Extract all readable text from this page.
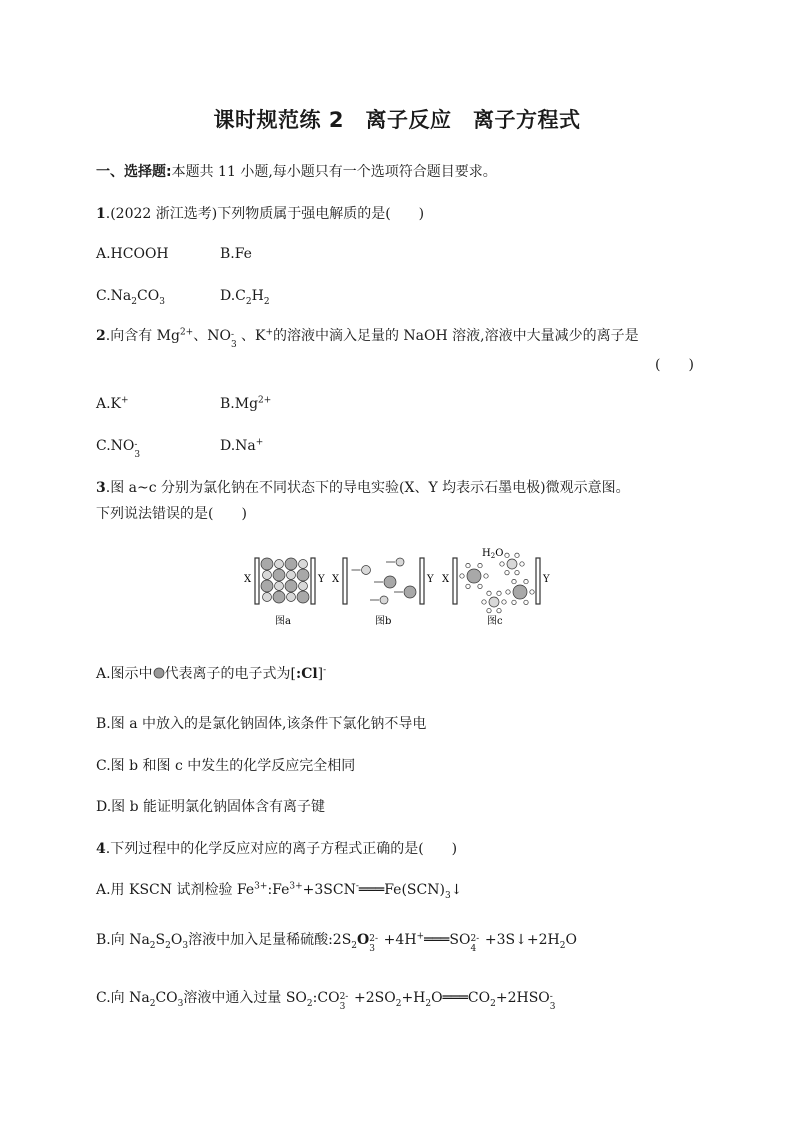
课时规范练 2　离子反应　离子方程式
一、选择题:本题共 11 小题,每小题只有一个选项符合题目要求。
1.(2022 浙江选考)下列物质属于强电解质的是(　　)
A.HCOOH	B.Fe
$C.Na_2CO_3$	$D.C_2H_2$
2.向含有 $Mg^{2+}$、NO -
3
、K+的溶液中滴入足量的 NaOH 溶液,溶液中大量减少的离子是
(　　)
A.K+	$B.Mg^{2+}$
C.NO -
3
D.Na+
3.图 a~c 分别为氯化钠在不同状态下的导电实验(X、Y 均表示石墨电极)微观示意图。
下列说法错误的是(　　)
X	Y
图a
X	Y
图b
X	Y
$H_2O$
图c
A.图示中 代表离子的电子式为[:Cl]-
B.图 a 中放入的是氯化钠固体,该条件下氯化钠不导电
C.图 b 和图 c 中发生的化学反应完全相同
D.图 b 能证明氯化钠固体含有离子键
4.下列过程中的化学反应对应的离子方程式正确的是(　　)
A.用 KSCN 试剂检验 $Fe^{3+}:Fe^{3+}+3SCN^-═══Fe(SCN)_3↓$
B.向 $Na_2S_2O_3$溶液中加入足量稀硫酸$:2S_2O$ 2-
3
+4H+═══SO 2-
4
$+3S↓+2H_2O$
C.向 $Na_2CO_3$溶液中通入过量 $SO_2:CO$ 2-
3
$+2SO_2+H_2O═══CO_2+2HSO$ -
3
